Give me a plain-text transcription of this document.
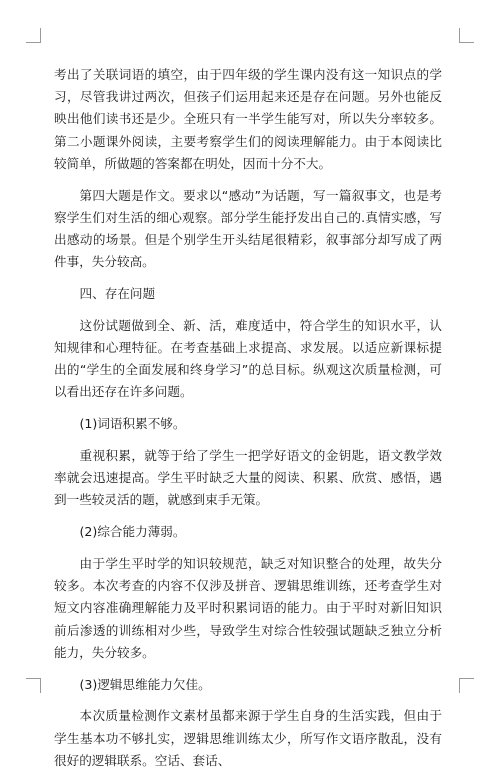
考出了关联词语的填空，由于四年级的学生课内没有这一知识点的学习，尽管我讲过两次，但孩子们运用起来还是存在问题。另外也能反映出他们读书还是少。全班只有一半学生能写对，所以失分率较多。第二小题课外阅读，主要考察学生们的阅读理解能力。由于本阅读比较简单，所做题的答案都在明处，因而十分不大。

第四大题是作文。要求以“感动”为话题，写一篇叙事文，也是考察学生们对生活的细心观察。部分学生能抒发出自己的.真情实感，写出感动的场景。但是个别学生开头结尾很精彩，叙事部分却写成了两件事，失分较高。

四、存在问题

这份试题做到全、新、活，难度适中，符合学生的知识水平，认知规律和心理特征。在考查基础上求提高、求发展。以适应新课标提出的“学生的全面发展和终身学习”的总目标。纵观这次质量检测，可以看出还存在许多问题。

(1)词语积累不够。

重视积累，就等于给了学生一把学好语文的金钥匙，语文教学效率就会迅速提高。学生平时缺乏大量的阅读、积累、欣赏、感悟，遇到一些较灵活的题，就感到束手无策。

(2)综合能力薄弱。

由于学生平时学的知识较规范，缺乏对知识整合的处理，故失分较多。本次考查的内容不仅涉及拼音、逻辑思维训练，还考查学生对短文内容准确理解能力及平时积累词语的能力。由于平时对新旧知识前后渗透的训练相对少些，导致学生对综合性较强试题缺乏独立分析能力，失分较多。

(3)逻辑思维能力欠佳。

本次质量检测作文素材虽都来源于学生自身的生活实践，但由于学生基本功不够扎实，逻辑思维训练太少，所写作文语序散乱，没有很好的逻辑联系。空话、套话、
